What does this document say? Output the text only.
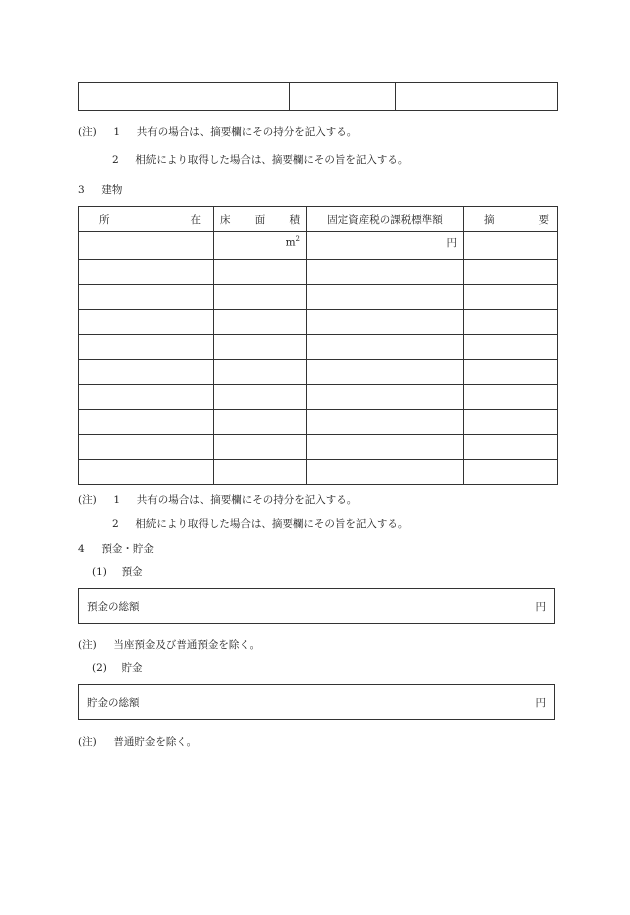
(注) 1 共有の場合は、摘要欄にその持分を記入する。
2 相続により取得した場合は、摘要欄にその旨を記入する。
3 建物
所 在	床 面 積	固定資産税の課税標準額	摘 要

	$m^2$	円	

(注) 1 共有の場合は、摘要欄にその持分を記入する。
2 相続により取得した場合は、摘要欄にその旨を記入する。
4 預金・貯金
(1) 預金
預金の総額	円
(注) 当座預金及び普通預金を除く。
(2) 貯金
貯金の総額	円
(注) 普通貯金を除く。
